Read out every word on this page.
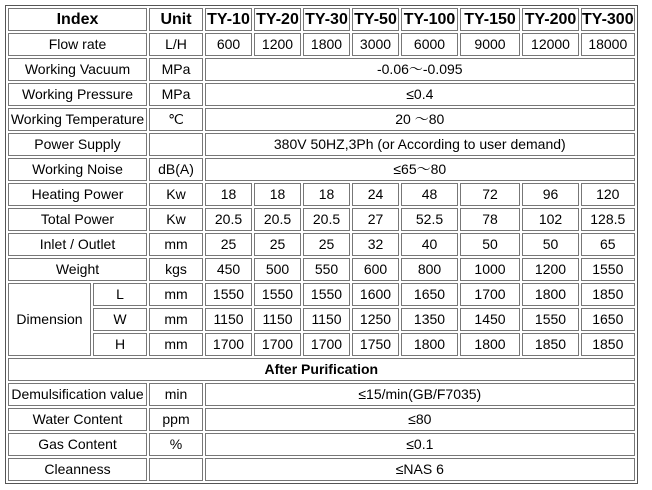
Index		Unit	TY-10	TY-20	TY-30	TY-50	TY-100	TY-150	TY-200	TY-300
Flow rate		L/H	600	1200	1800	3000	6000	9000	12000	18000
Working Vacuum		MPa	-0.06～-0.095							
Working Pressure		MPa	≤0.4							
Working Temperature		℃	20 ～80							
Power Supply			380V 50HZ,3Ph (or According to user demand)							
Working Noise		dB(A)	≤65～80							
Heating Power		Kw	18	18	18	24	48	72	96	120
Total Power		Kw	20.5	20.5	20.5	27	52.5	78	102	128.5
Inlet / Outlet		mm	25	25	25	32	40	50	50	65
Weight		kgs	450	500	550	600	800	1000	1200	1550
Dimension	L	mm	1550	1550	1550	1600	1650	1700	1800	1850
	W	mm	1150	1150	1150	1250	1350	1450	1550	1650
	H	mm	1700	1700	1700	1750	1800	1800	1850	1850
After Purification										
Demulsification value		min	≤15/min(GB/F7035)							
Water Content		ppm	≤80							
Gas Content		%	≤0.1							
Cleanness			≤NAS 6							
